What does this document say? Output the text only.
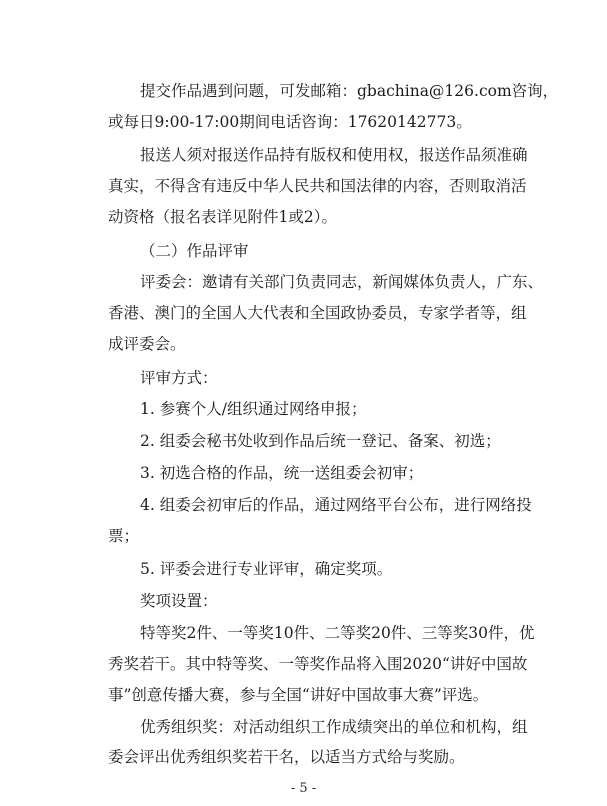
提交作品遇到问题，可发邮箱：gbachina@126.com咨询，
或每日9:00-17:00期间电话咨询：17620142773。
报送人须对报送作品持有版权和使用权，报送作品须准确
真实，不得含有违反中华人民共和国法律的内容，否则取消活
动资格（报名表详见附件1或2）。
（二）作品评审
评委会：邀请有关部门负责同志，新闻媒体负责人，广东、
香港、澳门的全国人大代表和全国政协委员，专家学者等，组
成评委会。
评审方式：
1. 参赛个人/组织通过网络申报；
2. 组委会秘书处收到作品后统一登记、备案、初选；
3. 初选合格的作品，统一送组委会初审；
4. 组委会初审后的作品，通过网络平台公布，进行网络投
票；
5. 评委会进行专业评审，确定奖项。
奖项设置：
特等奖2件、一等奖10件、二等奖20件、三等奖30件，优
秀奖若干。其中特等奖、一等奖作品将入围2020“讲好中国故
事”创意传播大赛，参与全国“讲好中国故事大赛”评选。
优秀组织奖：对活动组织工作成绩突出的单位和机构，组
委会评出优秀组织奖若干名，以适当方式给与奖励。
- 5 -
